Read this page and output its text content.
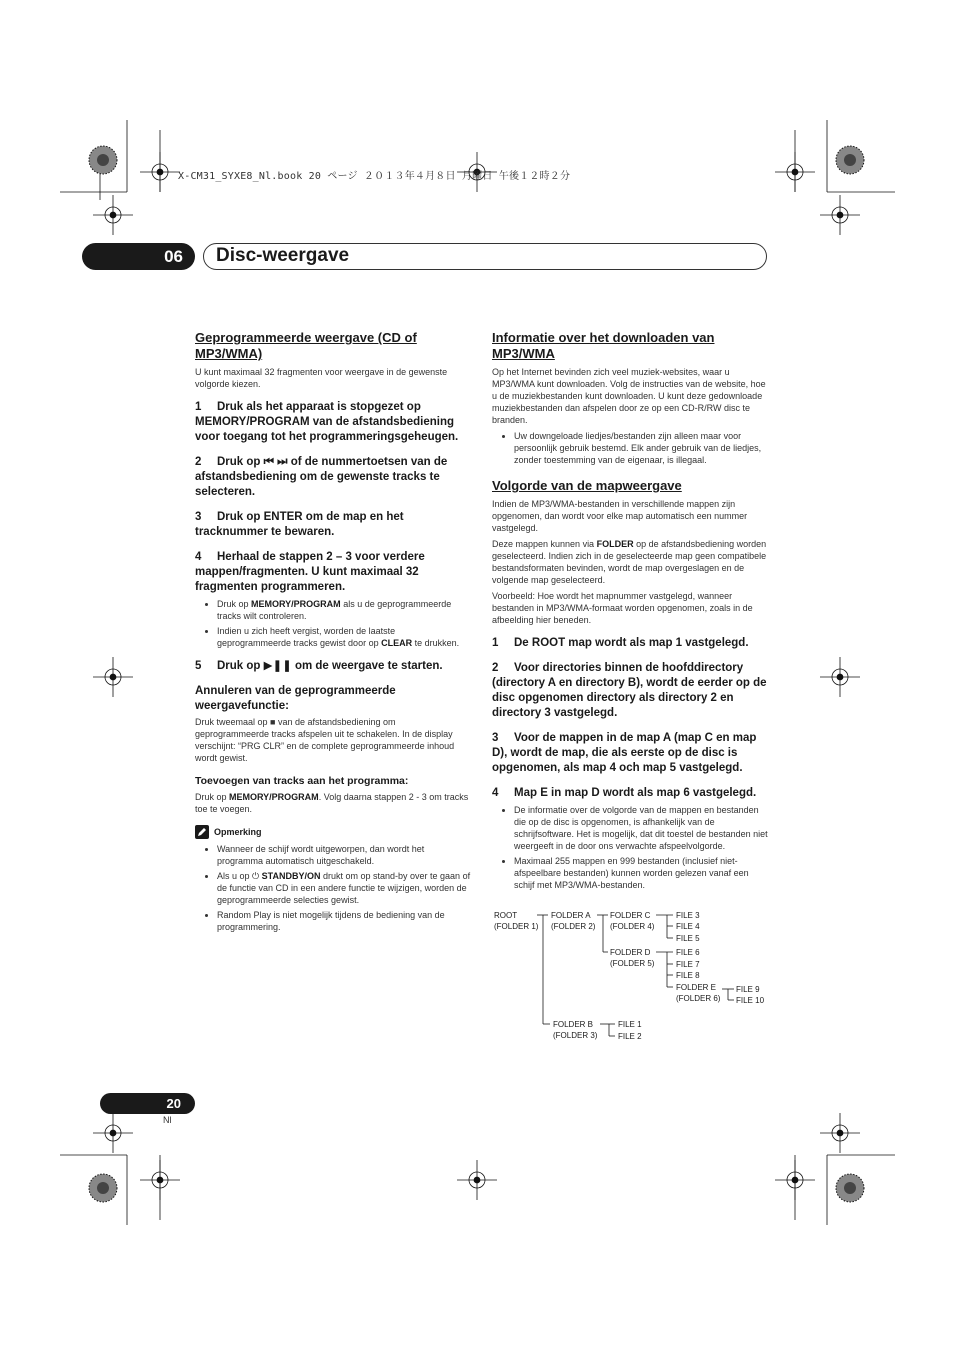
X-CM31_SYXE8_Nl.book 20 ページ ２０１３年４月８日 月曜日 午後１２時２分
06	Disc-weergave
Geprogrammeerde weergave (CD of MP3/WMA)
U kunt maximaal 32 fragmenten voor weergave in de gewenste volgorde kiezen.
1 Druk als het apparaat is stopgezet op MEMORY/PROGRAM van de afstandsbediening voor toegang tot het programmeringsgeheugen.
2 Druk op ⏮ ⏭ of de nummertoetsen van de afstandsbediening om de gewenste tracks te selecteren.
3 Druk op ENTER om de map en het tracknummer te bewaren.
4 Herhaal de stappen 2 – 3 voor verdere mappen/fragmenten. U kunt maximaal 32 fragmenten programmeren.
• Druk op MEMORY/PROGRAM als u de geprogrammeerde tracks wilt controleren.
• Indien u zich heeft vergist, worden de laatste geprogrammeerde tracks gewist door op CLEAR te drukken.
5 Druk op ▶❚❚ om de weergave te starten.
Annuleren van de geprogrammeerde weergavefunctie:
Druk tweemaal op ■ van de afstandsbediening om geprogrammeerde tracks afspelen uit te schakelen. In de display verschijnt: “PRG CLR” en de complete geprogrammeerde inhoud wordt gewist.
Toevoegen van tracks aan het programma:
Druk op MEMORY/PROGRAM. Volg daarna stappen 2 - 3 om tracks toe te voegen.
Opmerking
• Wanneer de schijf wordt uitgeworpen, dan wordt het programma automatisch uitgeschakeld.
• Als u op ⏻ STANDBY/ON drukt om op stand-by over te gaan of de functie van CD in een andere functie te wijzigen, worden de geprogrammeerde selecties gewist.
• Random Play is niet mogelijk tijdens de bediening van de programmering.
Informatie over het downloaden van MP3/WMA
Op het Internet bevinden zich veel muziek-websites, waar u MP3/WMA kunt downloaden. Volg de instructies van de website, hoe u de muziekbestanden kunt downloaden. U kunt deze gedownloade muziekbestanden dan afspelen door ze op een CD-R/RW disc te branden.
• Uw downgeloade liedjes/bestanden zijn alleen maar voor persoonlijk gebruik bestemd. Elk ander gebruik van de liedjes, zonder toestemming van de eigenaar, is illegaal.
Volgorde van de mapweergave
Indien de MP3/WMA-bestanden in verschillende mappen zijn opgenomen, dan wordt voor elke map automatisch een nummer vastgelegd.
Deze mappen kunnen via FOLDER op de afstandsbediening worden geselecteerd. Indien zich in de geselecteerde map geen compatibele bestandsformaten bevinden, wordt de map overgeslagen en de volgende map geselecteerd.
Voorbeeld: Hoe wordt het mapnummer vastgelegd, wanneer bestanden in MP3/WMA-formaat worden opgenomen, zoals in de afbeelding hier beneden.
1 De ROOT map wordt als map 1 vastgelegd.
2 Voor directories binnen de hoofddirectory (directory A en directory B), wordt de eerder op de disc opgenomen directory als directory 2 en directory 3 vastgelegd.
3 Voor de mappen in de map A (map C en map D), wordt de map, die als eerste op de disc is opgenomen, als map 4 och map 5 vastgelegd.
4 Map E in map D wordt als map 6 vastgelegd.
• De informatie over de volgorde van de mappen en bestanden die op de disc is opgenomen, is afhankelijk van de schrijfsoftware. Het is mogelijk, dat dit toestel de bestanden niet weergeeft in de door ons verwachte afspeelvolgorde.
• Maximaal 255 mappen en 999 bestanden (inclusief niet-afspeelbare bestanden) kunnen worden gelezen vanaf een schijf met MP3/WMA-bestanden.
ROOT
(FOLDER 1)
FOLDER A
(FOLDER 2)
FOLDER C
(FOLDER 4)
FOLDER D
(FOLDER 5)
FOLDER E
(FOLDER 6)
FOLDER B
(FOLDER 3)
FILE 1
FILE 2
FILE 3
FILE 4
FILE 5
FILE 6
FILE 7
FILE 8
FILE 9
FILE 10
20
Nl
